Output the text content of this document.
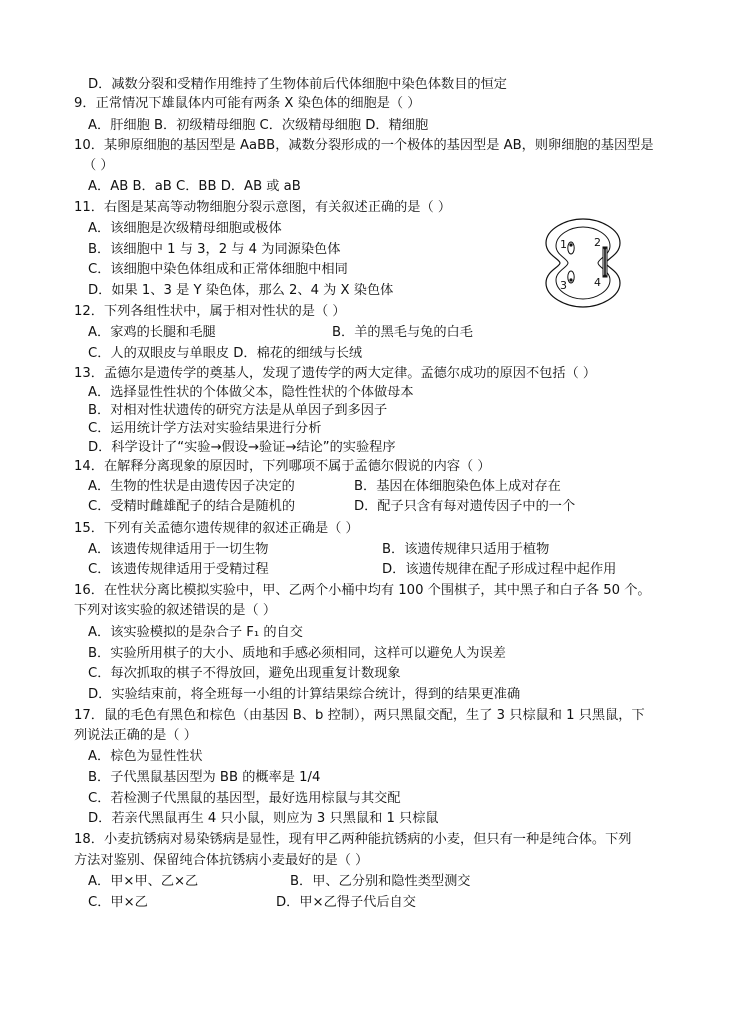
D．减数分裂和受精作用维持了生物体前后代体细胞中染色体数目的恒定
9．正常情况下雄鼠体内可能有两条 X 染色体的细胞是（ ）
A．肝细胞 B．初级精母细胞 C．次级精母细胞 D．精细胞
10．某卵原细胞的基因型是 AaBB，减数分裂形成的一个极体的基因型是 AB，则卵细胞的基因型是
（ ）
A．AB B．aB C．BB D．AB 或 aB
11．右图是某高等动物细胞分裂示意图，有关叙述正确的是（ ）
A．该细胞是次级精母细胞或极体
B．该细胞中 1 与 3，2 与 4 为同源染色体
C．该细胞中染色体组成和正常体细胞中相同
D．如果 1、3 是 Y 染色体，那么 2、4 为 X 染色体
12．下列各组性状中，属于相对性状的是（ ）
A．家鸡的长腿和毛腿	B．羊的黑毛与兔的白毛
C．人的双眼皮与单眼皮 D．棉花的细绒与长绒
13．孟德尔是遗传学的奠基人，发现了遗传学的两大定律。孟德尔成功的原因不包括（ ）
A．选择显性性状的个体做父本，隐性性状的个体做母本
B．对相对性状遗传的研究方法是从单因子到多因子
C．运用统计学方法对实验结果进行分析
D．科学设计了“实验→假设→验证→结论”的实验程序
14．在解释分离现象的原因时，下列哪项不属于孟德尔假说的内容（ ）
A．生物的性状是由遗传因子决定的	B．基因在体细胞染色体上成对存在
C．受精时雌雄配子的结合是随机的	D．配子只含有每对遗传因子中的一个
15．下列有关孟德尔遗传规律的叙述正确是（ ）
A．该遗传规律适用于一切生物	B．该遗传规律只适用于植物
C．该遗传规律适用于受精过程	D．该遗传规律在配子形成过程中起作用
16．在性状分离比模拟实验中，甲、乙两个小桶中均有 100 个围棋子，其中黑子和白子各 50 个。
下列对该实验的叙述错误的是（ ）
A．该实验模拟的是杂合子 F₁ 的自交
B．实验所用棋子的大小、质地和手感必须相同，这样可以避免人为误差
C．每次抓取的棋子不得放回，避免出现重复计数现象
D．实验结束前，将全班每一小组的计算结果综合统计，得到的结果更准确
17．鼠的毛色有黑色和棕色（由基因 B、b 控制），两只黑鼠交配，生了 3 只棕鼠和 1 只黑鼠，下
列说法正确的是（ ）
A．棕色为显性性状
B．子代黑鼠基因型为 BB 的概率是 1/4
C．若检测子代黑鼠的基因型，最好选用棕鼠与其交配
D．若亲代黑鼠再生 4 只小鼠，则应为 3 只黑鼠和 1 只棕鼠
18．小麦抗锈病对易染锈病是显性，现有甲乙两种能抗锈病的小麦，但只有一种是纯合体。下列
方法对鉴别、保留纯合体抗锈病小麦最好的是（ ）
A．甲×甲、乙×乙	B．甲、乙分别和隐性类型测交
C．甲×乙	D．甲×乙得子代后自交
1 2
3 4
